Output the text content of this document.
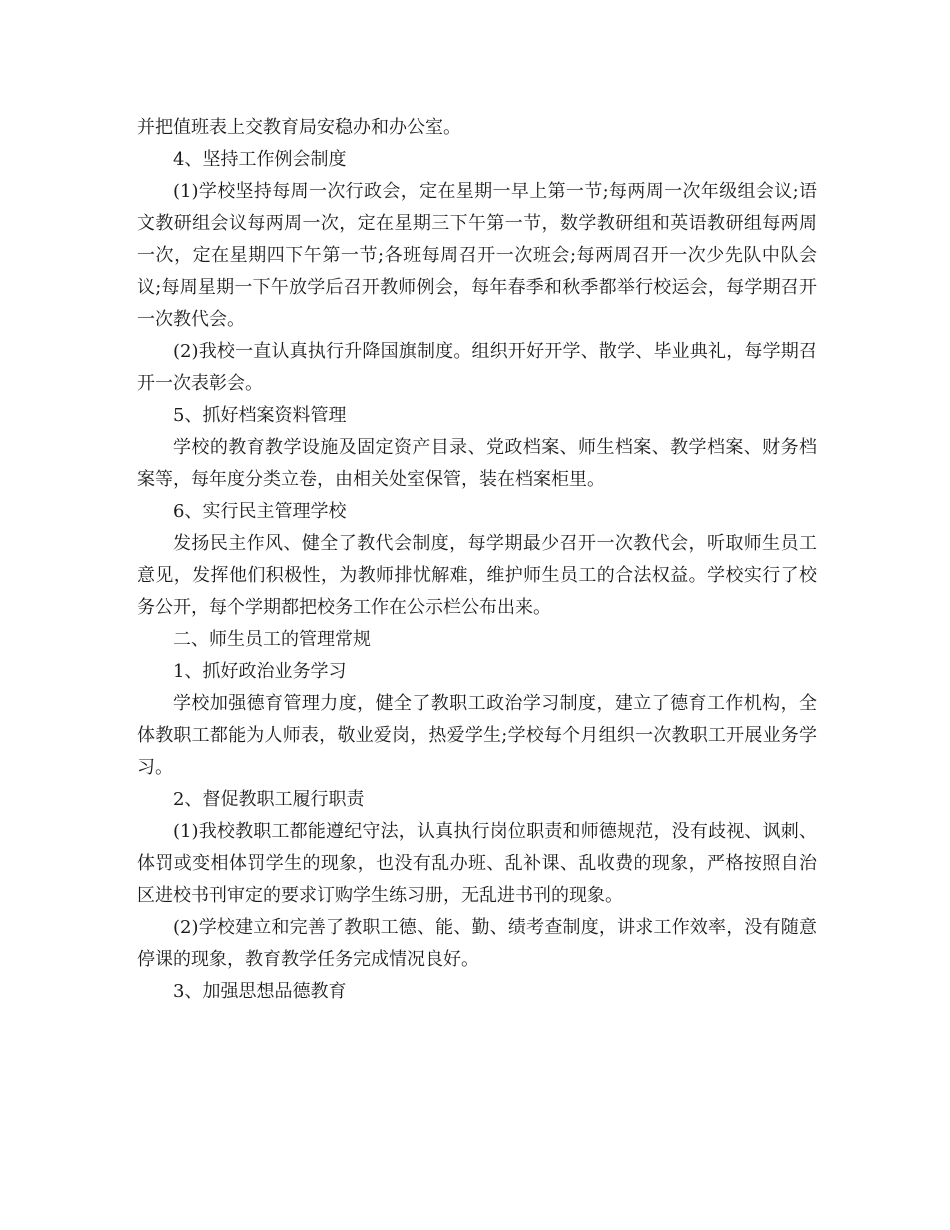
并把值班表上交教育局安稳办和办公室。

4、坚持工作例会制度

(1)学校坚持每周一次行政会，定在星期一早上第一节;每两周一次年级组会议;语文教研组会议每两周一次，定在星期三下午第一节，数学教研组和英语教研组每两周一次，定在星期四下午第一节;各班每周召开一次班会;每两周召开一次少先队中队会议;每周星期一下午放学后召开教师例会，每年春季和秋季都举行校运会，每学期召开一次教代会。

(2)我校一直认真执行升降国旗制度。组织开好开学、散学、毕业典礼，每学期召开一次表彰会。

5、抓好档案资料管理

学校的教育教学设施及固定资产目录、党政档案、师生档案、教学档案、财务档案等，每年度分类立卷，由相关处室保管，装在档案柜里。

6、实行民主管理学校

发扬民主作风、健全了教代会制度，每学期最少召开一次教代会，听取师生员工意见，发挥他们积极性，为教师排忧解难，维护师生员工的合法权益。学校实行了校务公开，每个学期都把校务工作在公示栏公布出来。

二、师生员工的管理常规

1、抓好政治业务学习

学校加强德育管理力度，健全了教职工政治学习制度，建立了德育工作机构，全体教职工都能为人师表，敬业爱岗，热爱学生;学校每个月组织一次教职工开展业务学习。

2、督促教职工履行职责

(1)我校教职工都能遵纪守法，认真执行岗位职责和师德规范，没有歧视、讽刺、体罚或变相体罚学生的现象，也没有乱办班、乱补课、乱收费的现象，严格按照自治区进校书刊审定的要求订购学生练习册，无乱进书刊的现象。

(2)学校建立和完善了教职工德、能、勤、绩考查制度，讲求工作效率，没有随意停课的现象，教育教学任务完成情况良好。

3、加强思想品德教育
